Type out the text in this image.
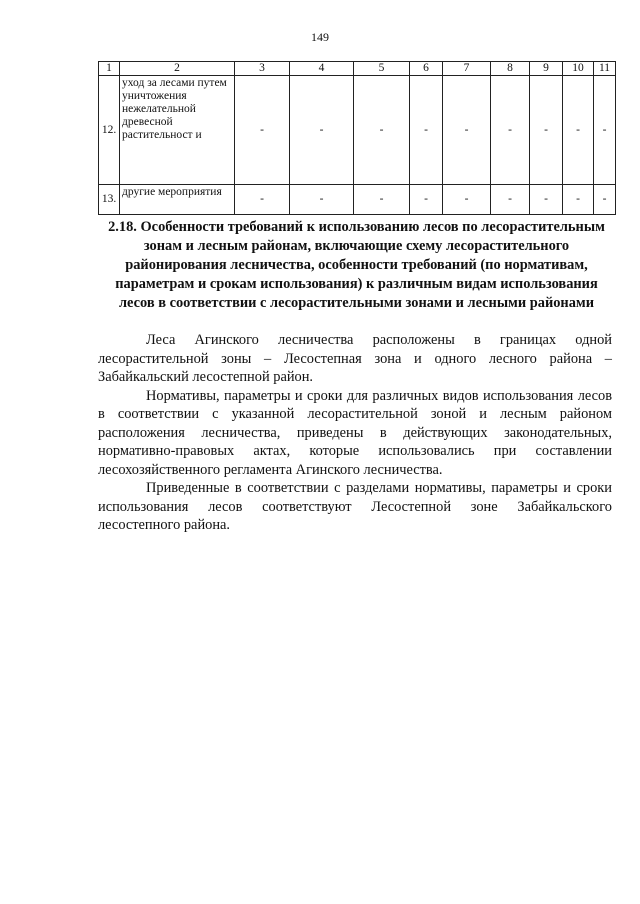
149
1	2	3	4	5	6	7	8	9	10	11
12.	уход за лесами путем уничтожения нежелательной древесной растительност и	-	-	-	-	-	-	-	-	-
13.	другие мероприятия	-	-	-	-	-	-	-	-	-
2.18. Особенности требований к использованию лесов по лесорастительным зонам и лесным районам, включающие схему лесорастительного районирования лесничества, особенности требований (по нормативам, параметрам и срокам использования) к различным видам использования лесов в соответствии с лесорастительными зонами и лесными районами

Леса Агинского лесничества расположены в границах одной лесорастительной зоны – Лесостепная зона и одного лесного района – Забайкальский лесостепной район.

Нормативы, параметры и сроки для различных видов использования лесов в соответствии с указанной лесорастительной зоной и лесным районом расположения лесничества, приведены в действующих законодательных, нормативно-правовых актах, которые использовались при составлении лесохозяйственного регламента Агинского лесничества.

Приведенные в соответствии с разделами нормативы, параметры и сроки использования лесов соответствуют Лесостепной зоне Забайкальского лесостепного района.
